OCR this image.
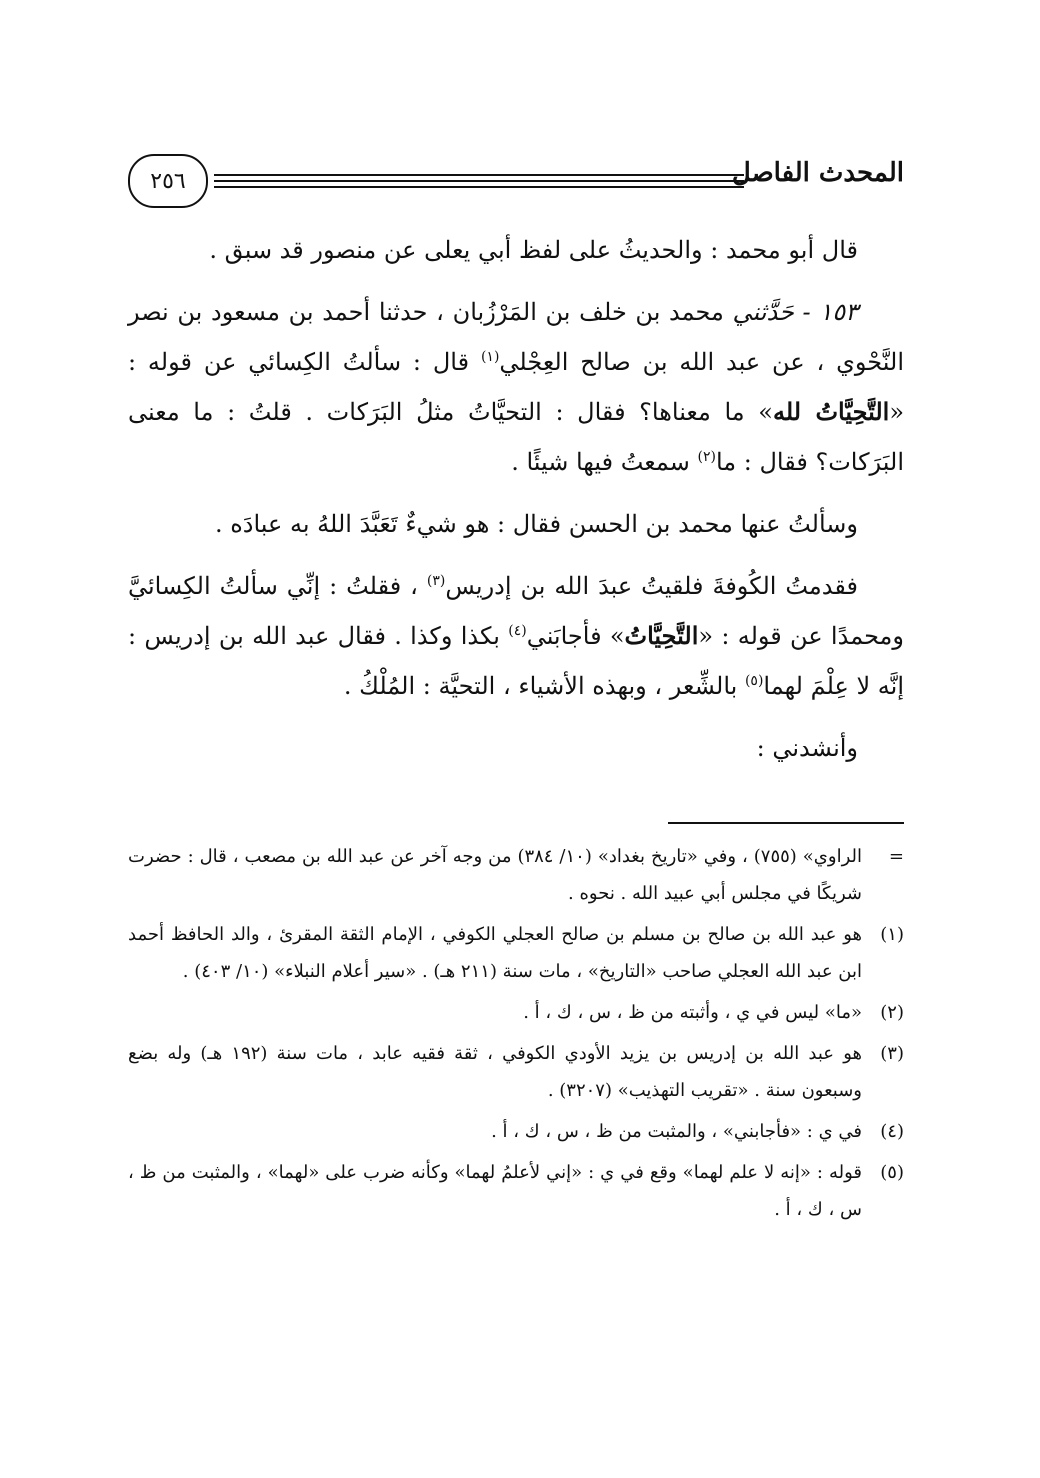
٢٥٦	المحدث الفاصل

قال أبو محمد : والحديثُ على لفظ أبي يعلى عن منصور قد سبق .

١٥٣ - حَدَّثني محمد بن خلف بن المَرْزُبان ، حدثنا أحمد بن مسعود بن نصر النَّحْوي ، عن عبد الله بن صالح العِجْلي$^{(١)}$ قال : سألتُ الكِسائي عن قوله : «التَّحِيَّاتُ لله» ما معناها؟ فقال : التحيَّاتُ مثلُ البَرَكات . قلتُ : ما معنى البَرَكات؟ فقال : ما$^{(٢)}$ سمعتُ فيها شيئًا .

وسألتُ عنها محمد بن الحسن فقال : هو شيءٌ تَعَبَّدَ اللهُ به عبادَه .

فقدمتُ الكُوفةَ فلقيتُ عبدَ الله بن إدريس$^{(٣)}$ ، فقلتُ : إنِّي سألتُ الكِسائيَّ ومحمدًا عن قوله : «التَّحِيَّاتُ» فأجابَني$^{(٤)}$ بكذا وكذا . فقال عبد الله بن إدريس : إنَّه لا عِلْمَ لهما$^{(٥)}$ بالشِّعر ، وبهذه الأشياء ، التحيَّة : المُلْكُ .

وأنشدني :

=
الراوي» (٧٥٥) ، وفي «تاريخ بغداد» (١٠/ ٣٨٤) من وجه آخر عن عبد الله بن مصعب ، قال : حضرت شريكًا في مجلس أبي عبيد الله . نحوه .
(١)
هو عبد الله بن صالح بن مسلم بن صالح العجلي الكوفي ، الإمام الثقة المقرئ ، والد الحافظ أحمد ابن عبد الله العجلي صاحب «التاريخ» ، مات سنة (٢١١ هـ) . «سير أعلام النبلاء» (١٠/ ٤٠٣) .
(٢)
«ما» ليس في ي ، وأثبته من ظ ، س ، ك ، أ .
(٣)
هو عبد الله بن إدريس بن يزيد الأودي الكوفي ، ثقة فقيه عابد ، مات سنة (١٩٢ هـ) وله بضع وسبعون سنة . «تقريب التهذيب» (٣٢٠٧) .
(٤)
في ي : «فأجابني» ، والمثبت من ظ ، س ، ك ، أ .
(٥)
قوله : «إنه لا علم لهما» وقع في ي : «إني لأعلمُ لهما» وكأنه ضرب على «لهما» ، والمثبت من ظ ، س ، ك ، أ .
